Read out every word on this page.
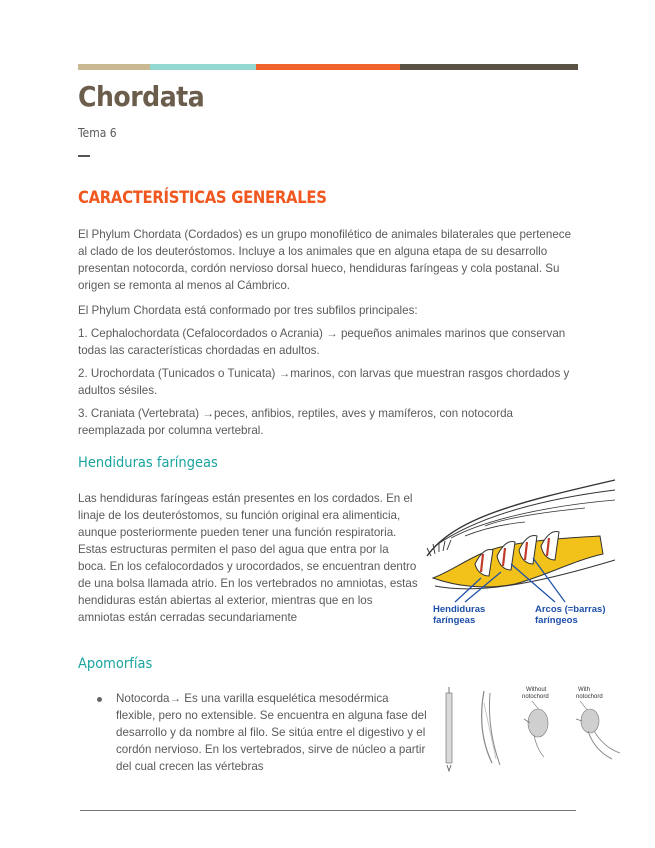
Chordata
Tema 6
CARACTERÍSTICAS GENERALES

El Phylum Chordata (Cordados) es un grupo monofilético de animales bilaterales que pertenece al clado de los deuteróstomos. Incluye a los animales que en alguna etapa de su desarrollo presentan notocorda, cordón nervioso dorsal hueco, hendiduras faríngeas y cola postanal. Su origen se remonta al menos al Cámbrico.

El Phylum Chordata está conformado por tres subfilos principales:

1. Cephalochordata (Cefalocordados o Acrania) → pequeños animales marinos que conservan todas las características chordadas en adultos.

2. Urochordata (Tunicados o Tunicata) →marinos, con larvas que muestran rasgos chordados y adultos sésiles.

3. Craniata (Vertebrata) →peces, anfibios, reptiles, aves y mamíferos, con notocorda reemplazada por columna vertebral.

Hendiduras faríngeas

Las hendiduras faríngeas están presentes en los cordados. En el linaje de los deuteróstomos, su función original era alimenticia, aunque posteriormente pueden tener una función respiratoria. Estas estructuras permiten el paso del agua que entra por la boca. En los cefalocordados y urocordados, se encuentran dentro de una bolsa llamada atrio. En los vertebrados no amniotas, estas hendiduras están abiertas al exterior, mientras que en los amniotas están cerradas secundariamente

Hendiduras
faríngeas
Arcos (=barras)
faríngeos
Apomorfías

Notocorda→ Es una varilla esquelética mesodérmica flexible, pero no extensible. Se encuentra en alguna fase del desarrollo y da nombre al filo. Se sitúa entre el digestivo y el cordón nervioso. En los vertebrados, sirve de núcleo a partir del cual crecen las vértebras

Without
notochord
With
notochord
